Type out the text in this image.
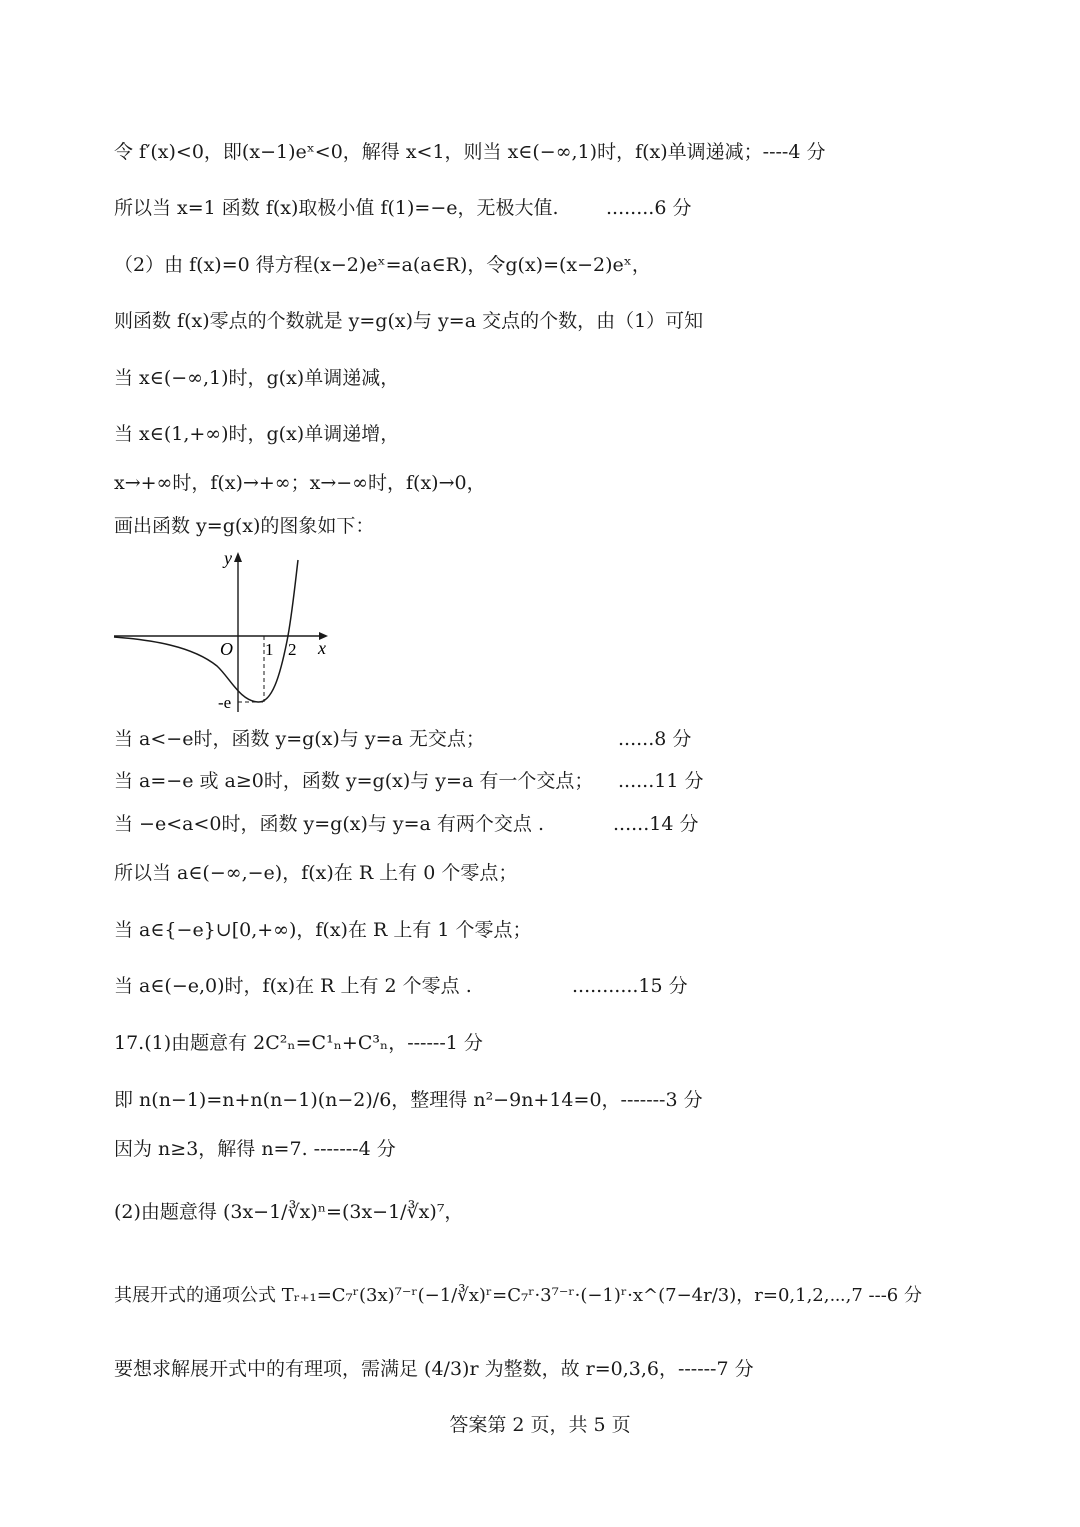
令 f′(x)<0，即(x−1)eˣ<0，解得 x<1，则当 x∈(−∞,1)时，f(x)单调递减；----4 分
所以当 x=1 函数 f(x)取极小值 f(1)=−e，无极大值. ........6 分
（2）由 f(x)=0 得方程(x−2)eˣ=a(a∈R)，令g(x)=(x−2)eˣ，
则函数 f(x)零点的个数就是 y=g(x)与 y=a 交点的个数，由（1）可知
当 x∈(−∞,1)时，g(x)单调递减，
当 x∈(1,+∞)时，g(x)单调递增，
x→+∞时，f(x)→+∞；x→−∞时，f(x)→0，
画出函数 y=g(x)的图象如下：
y
x
O 1 2
-e
当 a<−e时，函数 y=g(x)与 y=a 无交点；	......8 分
当 a=−e 或 a≥0时，函数 y=g(x)与 y=a 有一个交点； ......11 分
当 −e<a<0时，函数 y=g(x)与 y=a 有两个交点 .	......14 分
所以当 a∈(−∞,−e)，f(x)在 R 上有 0 个零点；
当 a∈{−e}∪[0,+∞)，f(x)在 R 上有 1 个零点；
当 a∈(−e,0)时，f(x)在 R 上有 2 个零点 .	...........15 分
17.(1)由题意有 2C²ₙ=C¹ₙ+C³ₙ，------1 分
即 n(n−1)=n+n(n−1)(n−2)/6，整理得 n²−9n+14=0，-------3 分
因为 n≥3，解得 n=7. -------4 分
(2)由题意得 (3x−1/∛x)ⁿ=(3x−1/∛x)⁷，
其展开式的通项公式 Tᵣ₊₁=C₇ʳ(3x)⁷⁻ʳ(−1/∛x)ʳ=C₇ʳ·3⁷⁻ʳ·(−1)ʳ·x^(7−4r/3)，r=0,1,2,⋯,7 ---6 分
要想求解展开式中的有理项，需满足 (4/3)r 为整数，故 r=0,3,6，------7 分
答案第 2 页，共 5 页
